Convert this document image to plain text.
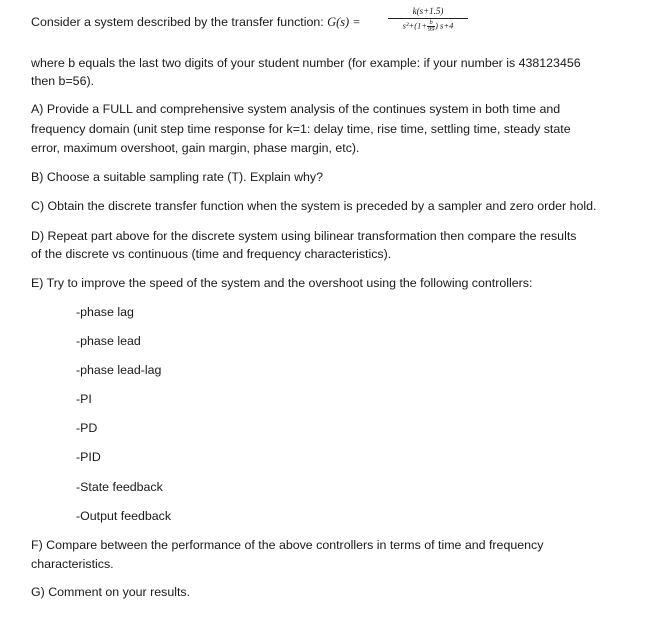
Consider a system described by the transfer function: G(s) =
k(s+1.5)
$s^2+(1+\frac{b}{99})$ s+4
where b equals the last two digits of your student number (for example: if your number is 438123456
then b=56).
A) Provide a FULL and comprehensive system analysis of the continues system in both time and
frequency domain (unit step time response for k=1: delay time, rise time, settling time, steady state
error, maximum overshoot, gain margin, phase margin, etc).
B) Choose a suitable sampling rate (T). Explain why?
C) Obtain the discrete transfer function when the system is preceded by a sampler and zero order hold.
D) Repeat part above for the discrete system using bilinear transformation then compare the results
of the discrete vs continuous (time and frequency characteristics).
E) Try to improve the speed of the system and the overshoot using the following controllers:
-phase lag
-phase lead
-phase lead-lag
-PI
-PD
-PID
-State feedback
-Output feedback
F) Compare between the performance of the above controllers in terms of time and frequency
characteristics.
G) Comment on your results.
